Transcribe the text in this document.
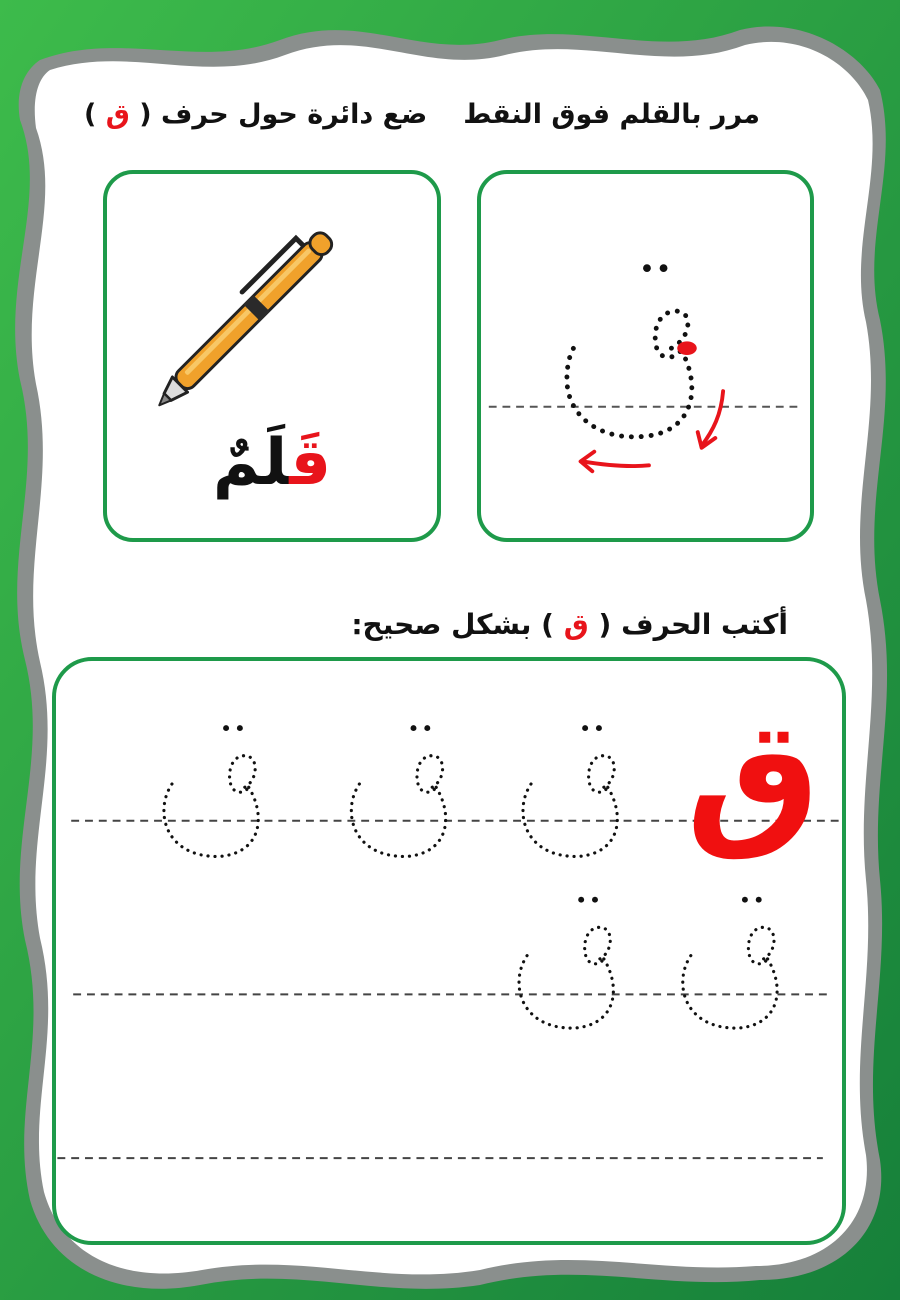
مرر بالقلم فوق النقط
ضع دائرة حول حرف ( ق )
قَلَمٌ
أكتب الحرف ( ق ) بشكل صحيح:
ق
